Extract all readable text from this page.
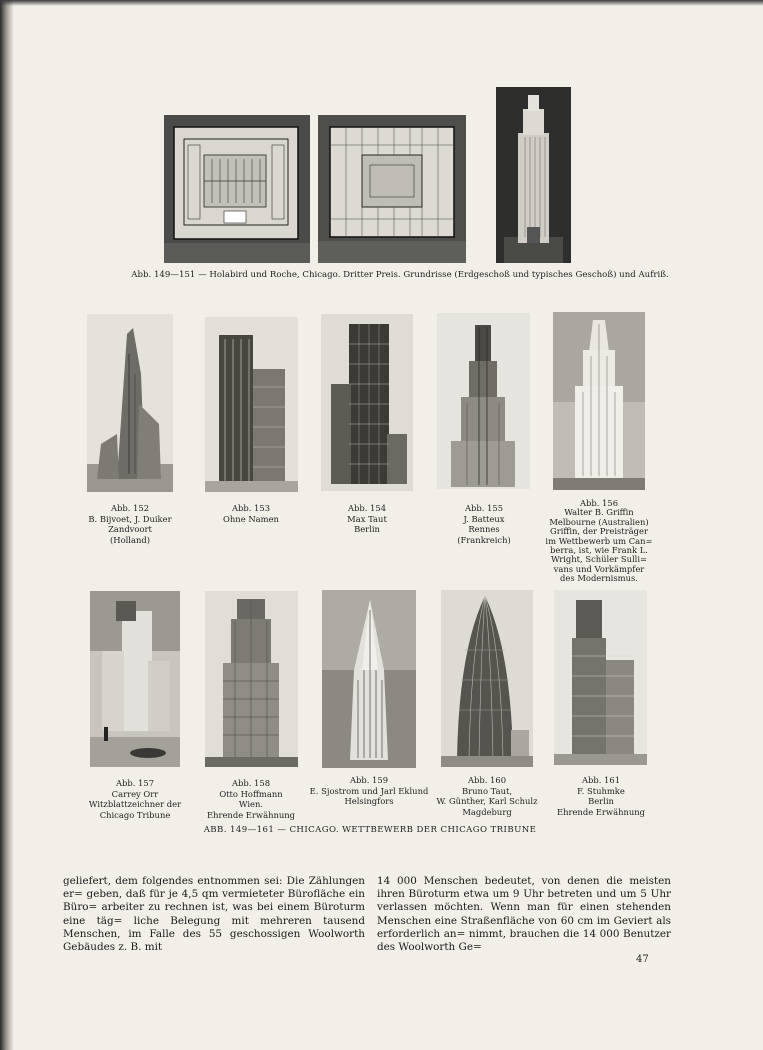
Abb. 149—151 — Holabird und Roche, Chicago. Dritter Preis. Grundrisse (Erdgeschoß und typisches Geschoß) und Aufriß.
Abb. 152
B. Bijvoet, J. Duiker
Zandvoort
(Holland)
Abb. 153
Ohne Namen
Abb. 154
Max Taut
Berlin
Abb. 155
J. Batteux
Rennes
(Frankreich)
Abb. 156
Walter B. Griffin
Melbourne (Australien)
Griffin, der Preisträger
im Wettbewerb um Can=
berra, ist, wie Frank L.
Wright, Schüler Sulli=
vans und Vorkämpfer
des Modernismus.
Abb. 157
Carrey Orr
Witzblattzeichner der
Chicago Tribune
Abb. 158
Otto Hoffmann
Wien.
Ehrende Erwähnung
Abb. 159
E. Sjostrom und Jarl Eklund
Helsingfors
Abb. 160
Bruno Taut,
W. Günther, Karl Schulz
Magdeburg
Abb. 161
F. Stuhmke
Berlin
Ehrende Erwähnung
ABB. 149—161 — CHICAGO. WETTBEWERB DER CHICAGO TRIBUNE
geliefert, dem folgendes entnommen sei: Die Zählungen er= geben, daß für je 4,5 qm vermieteter Bürofläche ein Büro= arbeiter zu rechnen ist, was bei einem Büroturm eine täg= liche Belegung mit mehreren tausend Menschen, im Falle des 55 geschossigen Woolworth Gebäudes z. B. mit
14 000 Menschen bedeutet, von denen die meisten ihren Büroturm etwa um 9 Uhr betreten und um 5 Uhr verlassen möchten. Wenn man für einen stehenden Menschen eine Straßenfläche von 60 cm im Geviert als erforderlich an= nimmt, brauchen die 14 000 Benutzer des Woolworth Ge=
47
